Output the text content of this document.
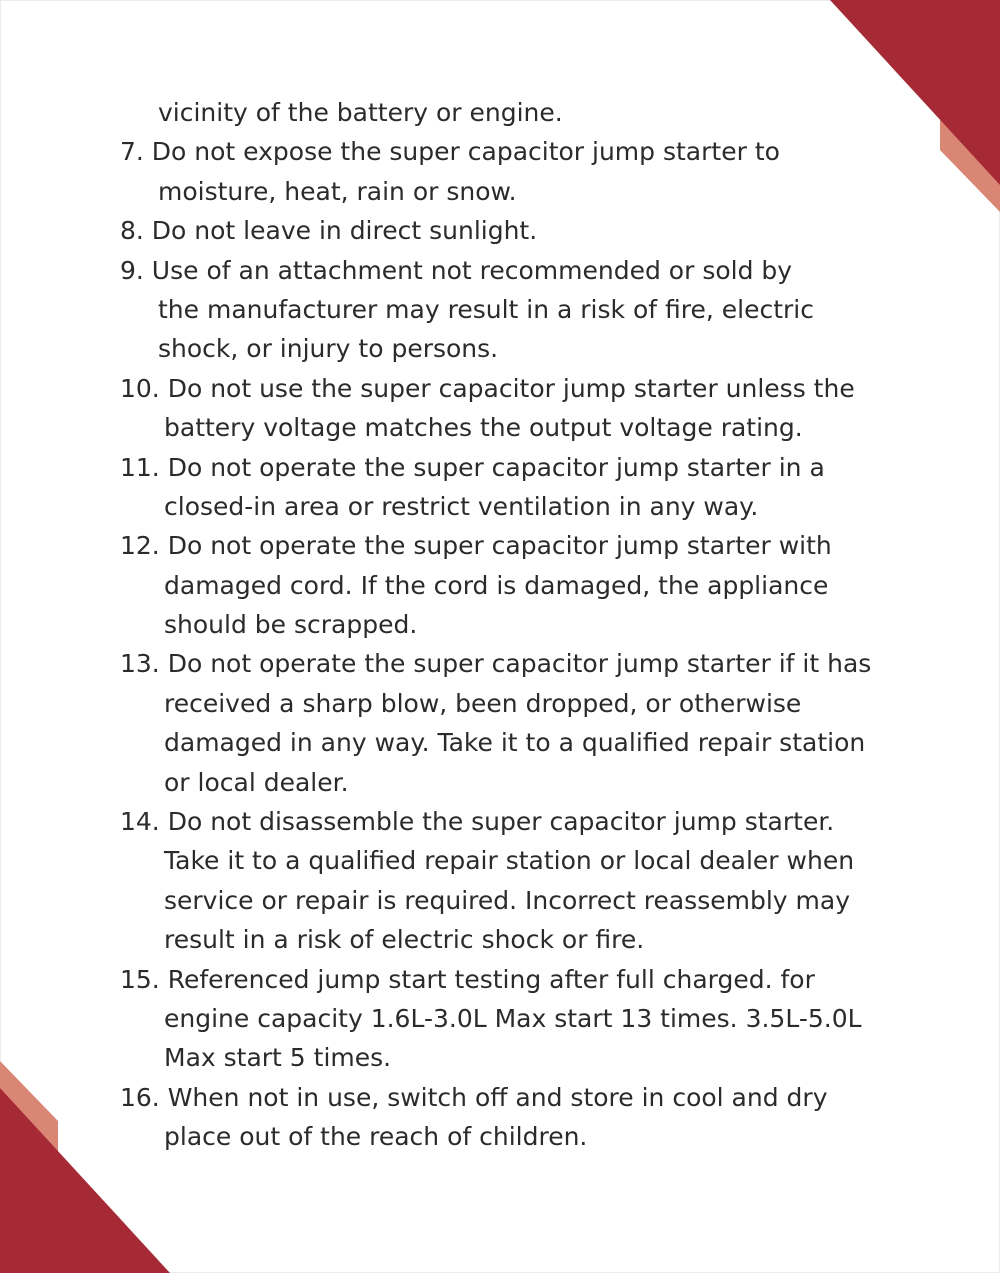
vicinity of the battery or engine.
7. Do not expose the super capacitor jump starter to
moisture, heat, rain or snow.
8. Do not leave in direct sunlight.
9. Use of an attachment not recommended or sold by
the manufacturer may result in a risk of fire, electric
shock, or injury to persons.
10. Do not use the super capacitor jump starter unless the
battery voltage matches the output voltage rating.
11. Do not operate the super capacitor jump starter in a
closed-in area or restrict ventilation in any way.
12. Do not operate the super capacitor jump starter with
damaged cord. If the cord is damaged, the appliance
should be scrapped.
13. Do not operate the super capacitor jump starter if it has
received a sharp blow, been dropped, or otherwise
damaged in any way. Take it to a qualified repair station
or local dealer.
14. Do not disassemble the super capacitor jump starter.
Take it to a qualified repair station or local dealer when
service or repair is required. Incorrect reassembly may
result in a risk of electric shock or fire.
15. Referenced jump start testing after full charged. for
engine capacity 1.6L-3.0L Max start 13 times. 3.5L-5.0L
Max start 5 times.
16. When not in use, switch off and store in cool and dry
place out of the reach of children.
